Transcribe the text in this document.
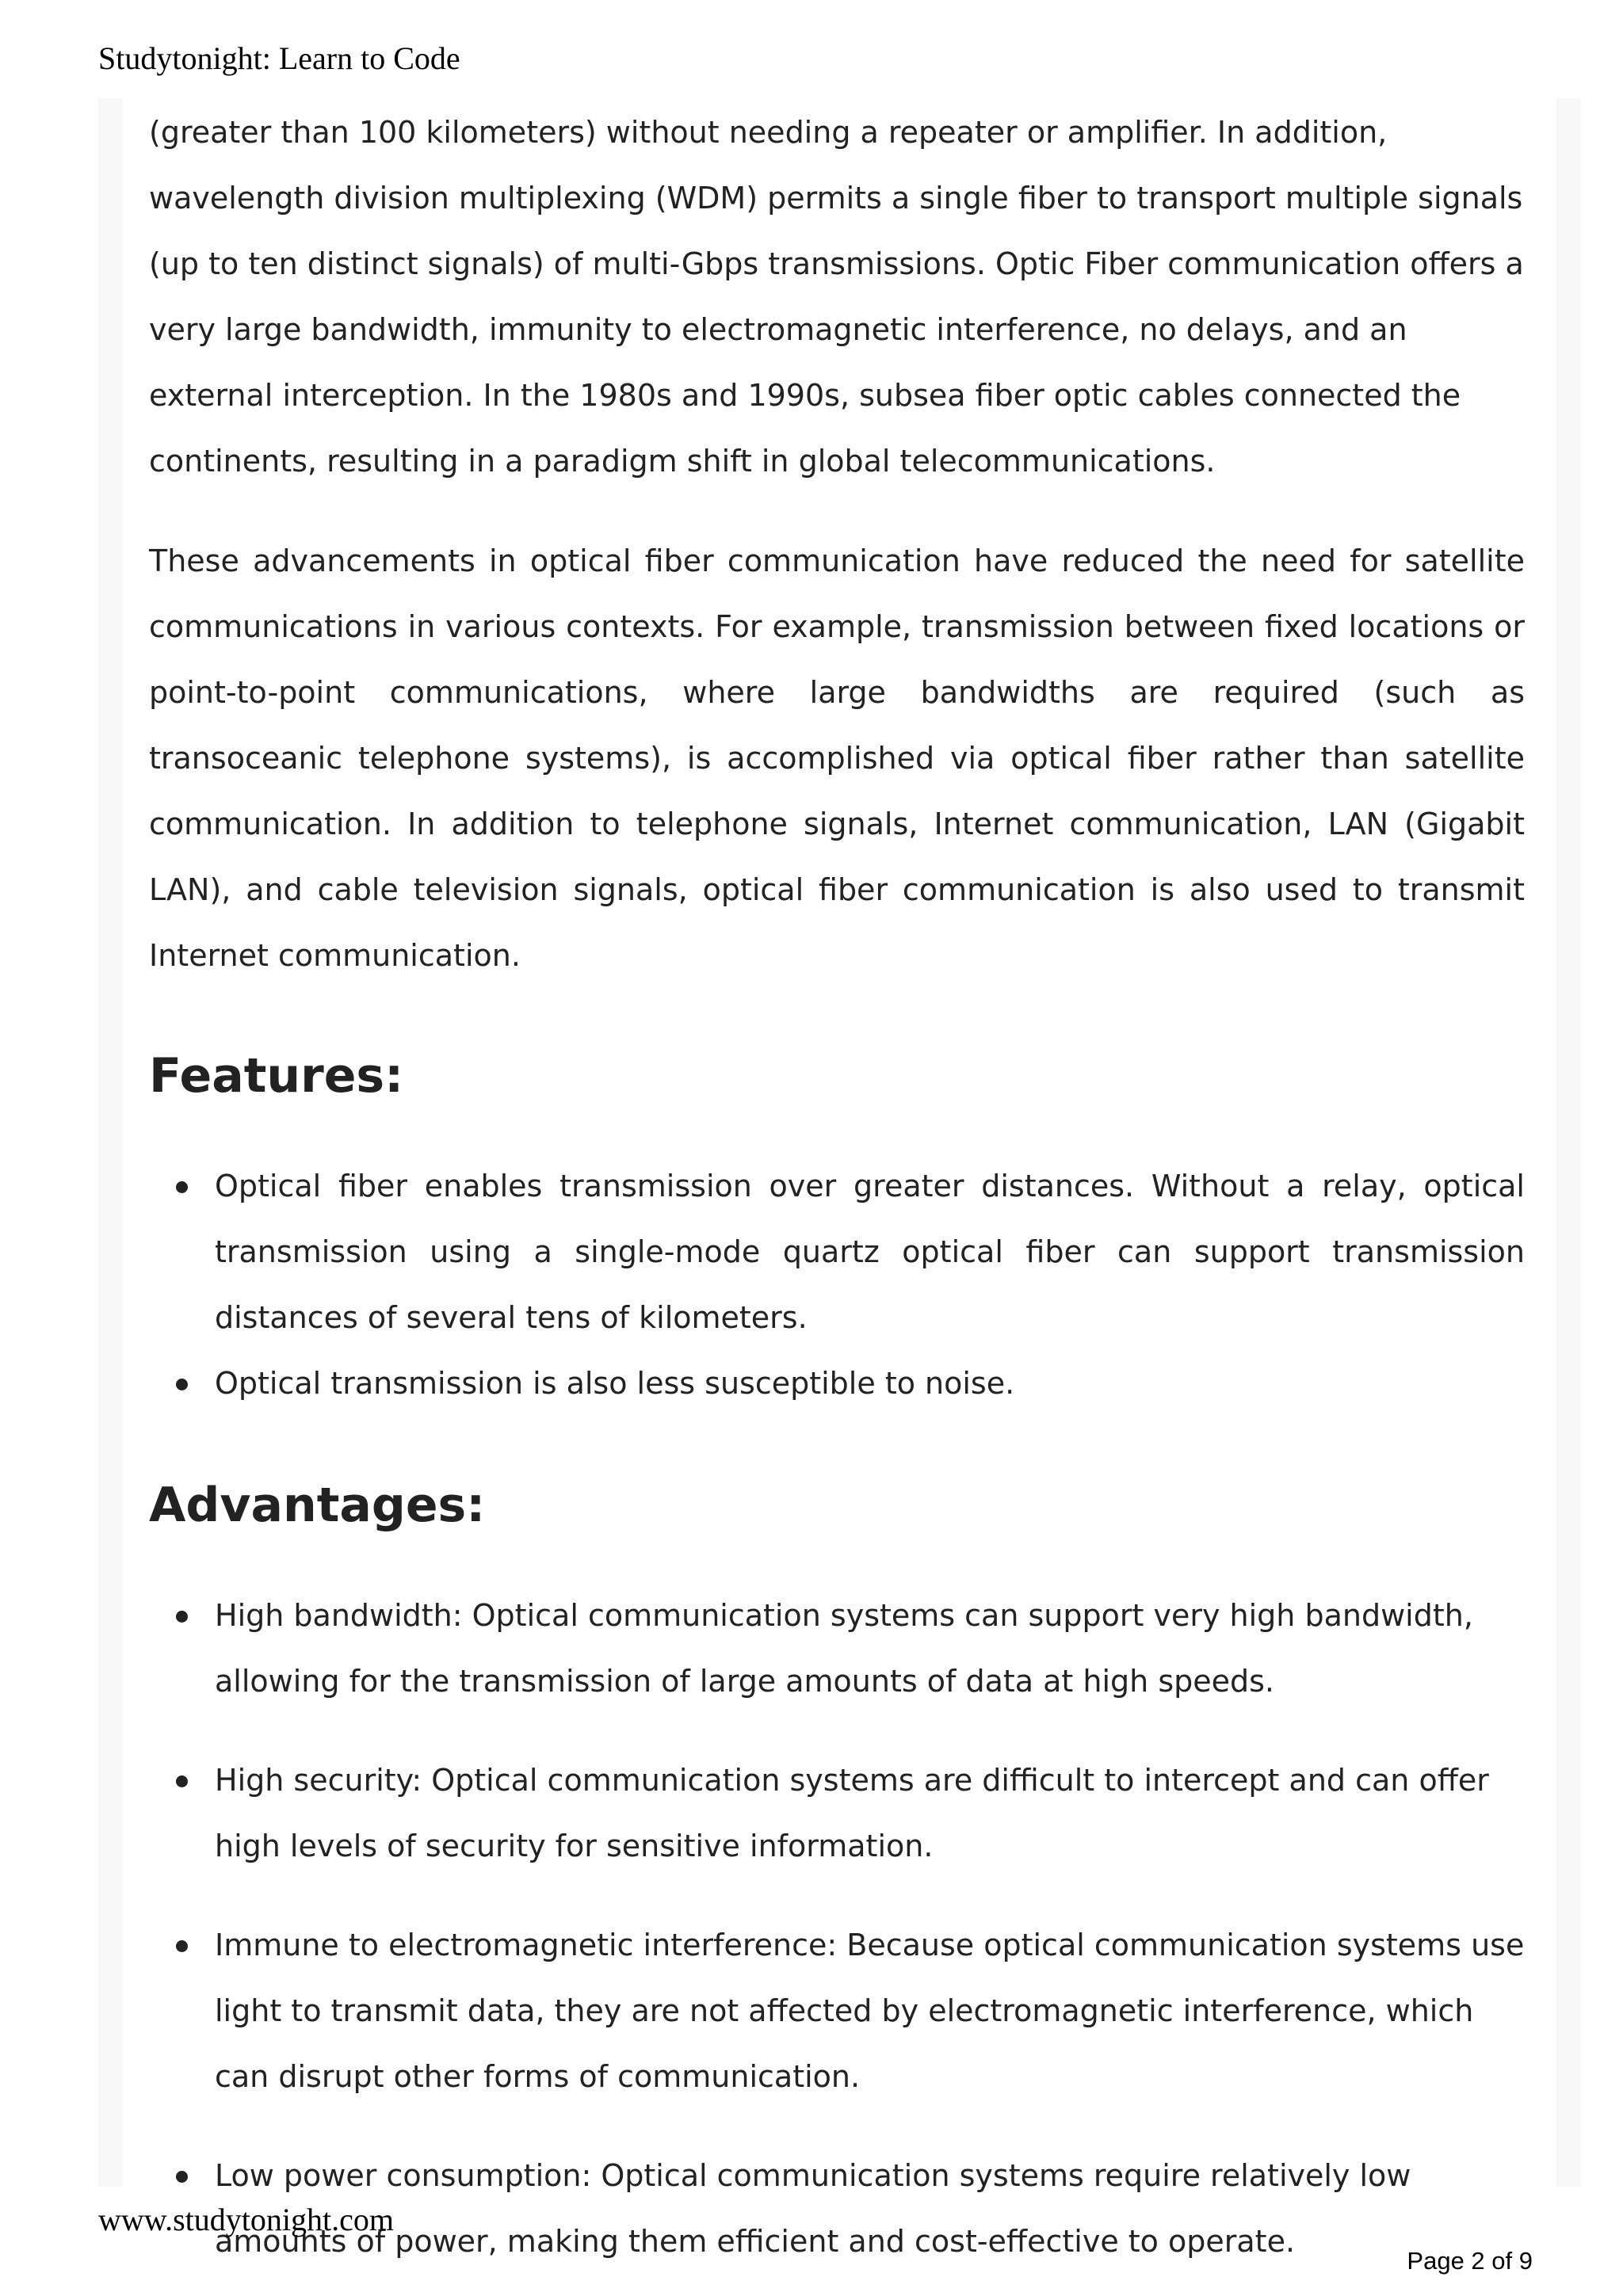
Studytonight: Learn to Code

(greater than 100 kilometers) without needing a repeater or amplifier. In addition, wavelength division multiplexing (WDM) permits a single fiber to transport multiple signals (up to ten distinct signals) of multi-Gbps transmissions. Optic Fiber communication offers a very large bandwidth, immunity to electromagnetic interference, no delays, and an external interception. In the 1980s and 1990s, subsea fiber optic cables connected the continents, resulting in a paradigm shift in global telecommunications.

These advancements in optical fiber communication have reduced the need for satellite communications in various contexts. For example, transmission between fixed locations or point-to-point communications, where large bandwidths are required (such as transoceanic telephone systems), is accomplished via optical fiber rather than satellite communication. In addition to telephone signals, Internet communication, LAN (Gigabit LAN), and cable television signals, optical fiber communication is also used to transmit Internet communication.

Features:
Optical fiber enables transmission over greater distances. Without a relay, optical transmission using a single-mode quartz optical fiber can support transmission distances of several tens of kilometers.
Optical transmission is also less susceptible to noise.
Advantages:
High bandwidth: Optical communication systems can support very high bandwidth, allowing for the transmission of large amounts of data at high speeds.
High security: Optical communication systems are difficult to intercept and can offer high levels of security for sensitive information.
Immune to electromagnetic interference: Because optical communication systems use light to transmit data, they are not affected by electromagnetic interference, which can disrupt other forms of communication.
Low power consumption: Optical communication systems require relatively low amounts of power, making them efficient and cost-effective to operate.
www.studytonight.com
Page 2 of 9
